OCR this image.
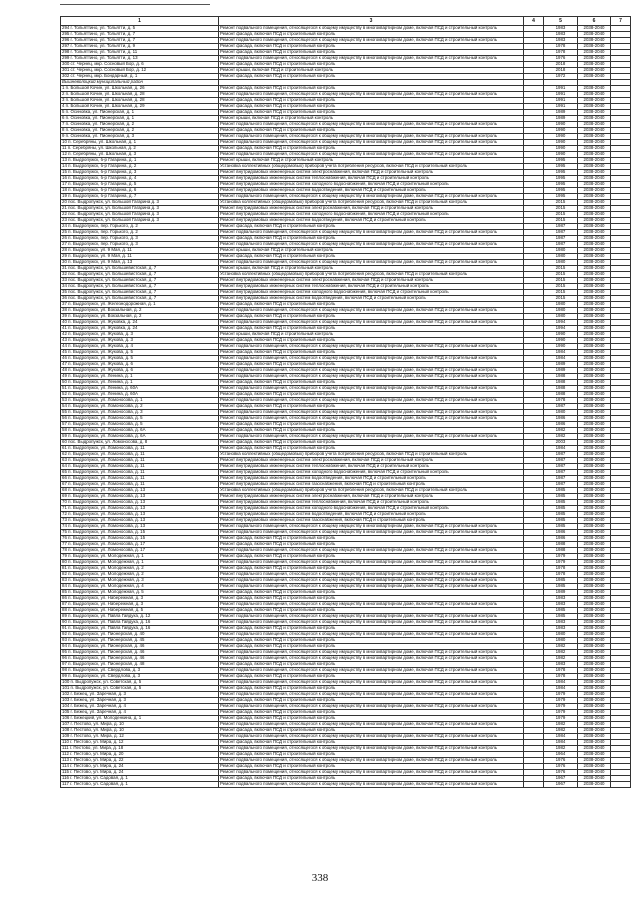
1	3	4	5	6	7
294 г. Тольяттино, ул. Тольятти, д. 5	Ремонт подвального помещения, относящегося к общему имуществу в многоквартирном доме, включая ПСД и строительный контроль		1983	2038-2040	
295 г. Тольяттино, ул. Тольятти, д. 7	Ремонт фасада, включая ПСД и строительный контроль		1983	2038-2040	
296 г. Тольяттино, ул. Тольятти, д. 7	Ремонт подвального помещения, относящегося к общему имуществу в многоквартирном доме, включая ПСД и строительный контроль		1983	2038-2040	
297 г. Тольяттино, ул. Тольятти, д. 9	Ремонт фасада, включая ПСД и строительный контроль		1978	2038-2040	
298 г. Тольяттино, ул. Тольятти, д. 11	Ремонт фасада, включая ПСД и строительный контроль		1978	2038-2040	
299 г. Тольяттино, ул. Тольятти, д. 13	Ремонт подвального помещения, относящегося к общему имуществу в многоквартирном доме, включая ПСД и строительный контроль		1976	2038-2040	
300 ст. Чернец, мкр. Сосновый Бор, д. 6	Ремонт фасада, включая ПСД и строительный контроль		2018	2038-2040	
301 ст. Чернец, мкр. Сосновый Бор, д. 12	Ремонт крыши, включая ПСД и строительный контроль		2018	2038-2040	
302 ст. Чернец, мкр. Бондарный, д. 1	Ремонт фасада, включая ПСД и строительный контроль		1972	2038-2040	
Вышневолоцкий муниципальный район					
1 п. Большой Кочин, ул. Школьная, д. 26	Ремонт фасада, включая ПСД и строительный контроль		1991	2038-2040	
2 п. Большой Кочин, ул. Школьная, д. 28	Ремонт подвального помещения, относящегося к общему имуществу в многоквартирном доме, включая ПСД и строительный контроль		1991	2038-2040	
3 п. Большой Кочин, ул. Школьная, д. 28	Ремонт фасада, включая ПСД и строительный контроль		1991	2038-2040	
4 п. Большой Кочин, ул. Школьная, д. 29	Ремонт фасада, включая ПСД и строительный контроль		1991	2038-2040	
5 п. Осиновка, ул. Пионерская, д. 1	Ремонт фасада, включая ПСД и строительный контроль		1989	2038-2040	
6 п. Осиновка, ул. Пионерская, д. 1	Ремонт крыши, включая ПСД и строительный контроль		1989	2038-2040	
7 п. Осиновка, ул. Пионерская, д. 2	Ремонт подвального помещения, относящегося к общему имуществу в многоквартирном доме, включая ПСД и строительный контроль		1990	2038-2040	
8 п. Осиновка, ул. Пионерская, д. 2	Ремонт фасада, включая ПСД и строительный контроль		1990	2038-2040	
9 п. Осиновка, ул. Пионерская, д. 3	Ремонт подвального помещения, относящегося к общему имуществу в многоквартирном доме, включая ПСД и строительный контроль		1990	2038-2040	
10 п. Серебряны, ул. Школьная, д. 1	Ремонт подвального помещения, относящегося к общему имуществу в многоквартирном доме, включая ПСД и строительный контроль		1990	2038-2040	
11 п. Серебряны, ул. Школьная, д. 2	Ремонт фасада, включая ПСД и строительный контроль		1990	2038-2040	
12 п. Серебряны, ул. Школьная, д. 3	Ремонт подвального помещения, относящегося к общему имуществу в многоквартирном доме, включая ПСД и строительный контроль		1990	2038-2040	
13 п. Выдропужск, б-р Гагарина, д. 1	Ремонт крыши, включая ПСД и строительный контроль		1995	2038-2040	
14 п. Выдропужск, б-р Гагарина, д. 2	Установка коллективных (общедомовых) приборов учета потребления ресурсов, включая ПСД и строительный контроль		1995	2038-2040	
15 п. Выдропужск, б-р Гагарина, д. 3	Ремонт внутридомовых инженерных систем электроснабжения, включая ПСД и строительный контроль		1995	2038-2040	
16 п. Выдропужск, б-р Гагарина, д. 4	Ремонт внутридомовых инженерных систем теплоснабжения, включая ПСД и строительный контроль		1995	2038-2040	
17 п. Выдропужск, б-р Гагарина, д. 5	Ремонт внутридомовых инженерных систем холодного водоснабжения, включая ПСД и строительный контроль		1995	2038-2040	
18 п. Выдропужск, б-р Гагарина, д. 6	Ремонт внутридомовых инженерных систем водоотведения, включая ПСД и строительный контроль		1995	2038-2040	
19 п. Выдропужск, б-р Гагарина, д. 7	Ремонт подвального помещения, относящегося к общему имуществу в многоквартирном доме, включая ПСД и строительный контроль		1995	2038-2040	
20 пос. Выдропужск, ул. Большой Гагарина д. 3	Установка коллективных (общедомовых) приборов учета потребления ресурсов, включая ПСД и строительный контроль		2015	2038-2040	
21 пос. Выдропужск, ул. Большой Гагарина д. 3	Ремонт внутридомовых инженерных систем электроснабжения, включая ПСД и строительный контроль		2015	2038-2040	
22 пос. Выдропужск, ул. Большой Гагарина д. 3	Ремонт внутридомовых инженерных систем холодного водоснабжения, включая ПСД и строительный контроль		2015	2038-2040	
23 пос. Выдропужск, ул. Большой Гагарина д. 3	Ремонт внутридомовых инженерных систем водоотведения, включая ПСД и строительный контроль		2015	2038-2040	
24 п. Выдропужск, пер. Горького, д. 2	Ремонт фасада, включая ПСД и строительный контроль		1987	2038-2040	
25 п. Выдропужск, пер. Горького, д. 2	Ремонт подвального помещения, относящегося к общему имуществу в многоквартирном доме, включая ПСД и строительный контроль		1987	2038-2040	
26 п. Выдропужск, пер. Горького, д. 3	Ремонт фасада, включая ПСД и строительный контроль		1987	2038-2040	
27 п. Выдропужск, пер. Горького, д. 3	Ремонт подвального помещения, относящегося к общему имуществу в многоквартирном доме, включая ПСД и строительный контроль		1987	2038-2040	
28 п. Выдропужск, ул. 9 Мая, д. 11	Ремонт крыши, включая ПСД и строительный контроль		1980	2038-2040	
29 п. Выдропужск, ул. 9 Мая, д. 11	Ремонт фасада, включая ПСД и строительный контроль		1980	2038-2040	
30 п. Выдропужск, ул. 9 Мая, д. 13	Ремонт подвального помещения, относящегося к общему имуществу в многоквартирном доме, включая ПСД и строительный контроль		1980	2038-2040	
31 пос. Выдропужск, ул. Большевистская, д. 7	Ремонт крыши, включая ПСД и строительный контроль		2015	2038-2040	
32 пос. Выдропужск, ул. Большевистская, д. 7	Установка коллективных (общедомовых) приборов учета потребления ресурсов, включая ПСД и строительный контроль		2015	2038-2040	
33 пос. Выдропужск, ул. Большевистская, д. 7	Ремонт внутридомовых инженерных систем электроснабжения, включая ПСД и строительный контроль		2015	2038-2040	
34 пос. Выдропужск, ул. Большевистская, д. 7	Ремонт внутридомовых инженерных систем теплоснабжения, включая ПСД и строительный контроль		2015	2038-2040	
35 пос. Выдропужск, ул. Большевистская, д. 7	Ремонт внутридомовых инженерных систем холодного водоснабжения, включая ПСД и строительный контроль		2015	2038-2040	
36 пос. Выдропужск, ул. Большевистская, д. 7	Ремонт внутридомовых инженерных систем водоотведения, включая ПСД и строительный контроль		2015	2038-2040	
37 п. Выдропужск, ул. Железнодорожная, д. 1	Ремонт фасада, включая ПСД и строительный контроль		1980	2038-2040	
38 п. Выдропужск, ул. Вокзальная, д. 2	Ремонт подвального помещения, относящегося к общему имуществу в многоквартирном доме, включая ПСД и строительный контроль		1980	2038-2040	
39 п. Выдропужск, ул. Вокзальная, д. 2	Ремонт фасада, включая ПСД и строительный контроль		1980	2038-2040	
40 п. Выдропужск, ул. Жуковка, д. 24	Ремонт подвального помещения, относящегося к общему имуществу в многоквартирном доме, включая ПСД и строительный контроль		1994	2038-2040	
41 п. Выдропужск, ул. Жуковка, д. 24	Ремонт фасада, включая ПСД и строительный контроль		1994	2038-2040	
42 п. Выдропужск, ул. Жукова, д. 3	Ремонт крыши, включая ПСД и строительный контроль		1990	2038-2040	
43 п. Выдропужск, ул. Жукова, д. 3	Ремонт фасада, включая ПСД и строительный контроль		1990	2038-2040	
44 п. Выдропужск, ул. Жукова, д. 4	Ремонт подвального помещения, относящегося к общему имуществу в многоквартирном доме, включая ПСД и строительный контроль		1990	2038-2040	
45 п. Выдропужск, ул. Жукова, д. 5	Ремонт фасада, включая ПСД и строительный контроль		1984	2038-2040	
46 п. Выдропужск, ул. Жукова, д. 5	Ремонт подвального помещения, относящегося к общему имуществу в многоквартирном доме, включая ПСД и строительный контроль		1984	2038-2040	
47 п. Выдропужск, ул. Жукова, д. 6	Ремонт фасада, включая ПСД и строительный контроль		1989	2038-2040	
48 п. Выдропужск, ул. Жукова, д. 6	Ремонт подвального помещения, относящегося к общему имуществу в многоквартирном доме, включая ПСД и строительный контроль		1989	2038-2040	
49 п. Выдропужск, ул. Ленина, д. 1	Ремонт подвального помещения, относящегося к общему имуществу в многоквартирном доме, включая ПСД и строительный контроль		1988	2038-2040	
50 п. Выдропужск, ул. Ленина, д. 1	Ремонт фасада, включая ПСД и строительный контроль		1988	2038-2040	
51 п. Выдропужск, ул. Ленина, д. 60А	Ремонт подвального помещения, относящегося к общему имуществу в многоквартирном доме, включая ПСД и строительный контроль		1988	2038-2040	
52 п. Выдропужск, ул. Ленина, д. 60А	Ремонт фасада, включая ПСД и строительный контроль		1988	2038-2040	
53 п. Выдропужск, ул. Ломоносова, д. 1	Ремонт подвального помещения, относящегося к общему имуществу в многоквартирном доме, включая ПСД и строительный контроль		1978	2038-2040	
54 п. Выдропужск, ул. Ломоносова, д. 2	Ремонт фасада, включая ПСД и строительный контроль		1987	2038-2040	
55 п. Выдропужск, ул. Ломоносова, д. 3	Ремонт подвального помещения, относящегося к общему имуществу в многоквартирном доме, включая ПСД и строительный контроль		1980	2038-2040	
56 п. Выдропужск, ул. Ломоносова, д. 5	Ремонт подвального помещения, относящегося к общему имуществу в многоквартирном доме, включая ПСД и строительный контроль		1986	2038-2040	
57 п. Выдропужск, ул. Ломоносова, д. 5	Ремонт фасада, включая ПСД и строительный контроль		1986	2038-2040	
58 п. Выдропужск, ул. Ломоносова, д. 6А	Ремонт фасада, включая ПСД и строительный контроль		1982	2038-2040	
59 п. Выдропужск, ул. Ломоносова, д. 6А	Ремонт подвального помещения, относящегося к общему имуществу в многоквартирном доме, включая ПСД и строительный контроль		1982	2038-2040	
60 пос. Выдропужск, ул. Ломоносова, д. 8	Ремонт фасада, включая ПСД и строительный контроль		2003	2038-2040	
61 п. Выдропужск, ул. Ломоносова, д. 11	Ремонт фасада, включая ПСД и строительный контроль		1984	2038-2040	
62 п. Выдропужск, ул. Ломоносова, д. 11	Установка коллективных (общедомовых) приборов учета потребления ресурсов, включая ПСД и строительный контроль		1987	2038-2040	
63 п. Выдропужск, ул. Ломоносова, д. 11	Ремонт внутридомовых инженерных систем электроснабжения, включая ПСД и строительный контроль		1987	2038-2040	
64 п. Выдропужск, ул. Ломоносова, д. 11	Ремонт внутридомовых инженерных систем теплоснабжения, включая ПСД и строительный контроль		1987	2038-2040	
65 п. Выдропужск, ул. Ломоносова, д. 11	Ремонт внутридомовых инженерных систем холодного водоснабжения, включая ПСД и строительный контроль		1987	2038-2040	
66 п. Выдропужск, ул. Ломоносова, д. 11	Ремонт внутридомовых инженерных систем водоотведения, включая ПСД и строительный контроль		1987	2038-2040	
67 п. Выдропужск, ул. Ломоносова, д. 11	Ремонт внутридомовых инженерных систем газоснабжения, включая ПСД и строительный контроль		1987	2038-2040	
68 п. Выдропужск, ул. Ломоносова, д. 13	Установка коллективных (общедомовых) приборов учета потребления ресурсов, включая ПСД и строительный контроль		1985	2038-2040	
69 п. Выдропужск, ул. Ломоносова, д. 13	Ремонт внутридомовых инженерных систем электроснабжения, включая ПСД и строительный контроль		1985	2038-2040	
70 п. Выдропужск, ул. Ломоносова, д. 13	Ремонт внутридомовых инженерных систем теплоснабжения, включая ПСД и строительный контроль		1985	2038-2040	
71 п. Выдропужск, ул. Ломоносова, д. 13	Ремонт внутридомовых инженерных систем холодного водоснабжения, включая ПСД и строительный контроль		1985	2038-2040	
72 п. Выдропужск, ул. Ломоносова, д. 13	Ремонт внутридомовых инженерных систем водоотведения, включая ПСД и строительный контроль		1985	2038-2040	
73 п. Выдропужск, ул. Ломоносова, д. 13	Ремонт внутридомовых инженерных систем газоснабжения, включая ПСД и строительный контроль		1985	2038-2040	
74 п. Выдропужск, ул. Ломоносова, д. 13	Ремонт подвального помещения, относящегося к общему имуществу в многоквартирном доме, включая ПСД и строительный контроль		1985	2038-2040	
75 п. Выдропужск, ул. Ломоносова, д. 15	Ремонт подвального помещения, относящегося к общему имуществу в многоквартирном доме, включая ПСД и строительный контроль		1986	2038-2040	
76 п. Выдропужск, ул. Ломоносова, д. 15	Ремонт фасада, включая ПСД и строительный контроль		1986	2038-2040	
77 п. Выдропужск, ул. Ломоносова, д. 17	Ремонт фасада, включая ПСД и строительный контроль		1988	2038-2040	
78 п. Выдропужск, ул. Ломоносова, д. 17	Ремонт подвального помещения, относящегося к общему имуществу в многоквартирном доме, включая ПСД и строительный контроль		1988	2038-2040	
79 п. Выдропужск, ул. Молодежная, д. 1	Ремонт фасада, включая ПСД и строительный контроль		1979	2038-2040	
80 п. Выдропужск, ул. Молодежная, д. 1	Ремонт подвального помещения, относящегося к общему имуществу в многоквартирном доме, включая ПСД и строительный контроль		1979	2038-2040	
81 п. Выдропужск, ул. Молодежная, д. 2	Ремонт фасада, включая ПСД и строительный контроль		1978	2038-2040	
82 п. Выдропужск, ул. Молодежная, д. 2	Ремонт подвального помещения, относящегося к общему имуществу в многоквартирном доме, включая ПСД и строительный контроль		1978	2038-2040	
83 п. Выдропужск, ул. Молодежная, д. 3	Ремонт подвального помещения, относящегося к общему имуществу в многоквартирном доме, включая ПСД и строительный контроль		1985	2038-2040	
84 п. Выдропужск, ул. Молодежная, д. 4	Ремонт подвального помещения, относящегося к общему имуществу в многоквартирном доме, включая ПСД и строительный контроль		1985	2038-2040	
85 п. Выдропужск, ул. Молодежная, д. 5	Ремонт фасада, включая ПСД и строительный контроль		1989	2038-2040	
86 п. Выдропужск, ул. Набережная, д. 3	Ремонт фасада, включая ПСД и строительный контроль		1983	2038-2040	
87 п. Выдропужск, ул. Набережная, д. 3	Ремонт подвального помещения, относящегося к общему имуществу в многоквартирном доме, включая ПСД и строительный контроль		1983	2038-2040	
88 п. Выдропужск, ул. Набережная, д. 5	Ремонт фасада, включая ПСД и строительный контроль		1985	2038-2040	
89 п. Выдропужск, ул. Павла Гайдука, д. 12	Ремонт подвального помещения, относящегося к общему имуществу в многоквартирном доме, включая ПСД и строительный контроль		1985	2038-2040	
90 п. Выдропужск, ул. Павла Гайдука, д. 16	Ремонт подвального помещения, относящегося к общему имуществу в многоквартирном доме, включая ПСД и строительный контроль		1983	2038-2040	
91 п. Выдропужск, ул. Павла Гайдука, д. 16	Ремонт фасада, включая ПСД и строительный контроль		1983	2038-2040	
92 п. Выдропужск, ул. Пионерская, д. 40	Ремонт подвального помещения, относящегося к общему имуществу в многоквартирном доме, включая ПСД и строительный контроль		1980	2038-2040	
93 п. Выдропужск, ул. Пионерская, д. 45	Ремонт фасада, включая ПСД и строительный контроль		1980	2038-2040	
94 п. Выдропужск, ул. Пионерская, д. 46	Ремонт фасада, включая ПСД и строительный контроль		1982	2038-2040	
95 п. Выдропужск, ул. Пионерская, д. 46	Ремонт подвального помещения, относящегося к общему имуществу в многоквартирном доме, включая ПСД и строительный контроль		1982	2038-2040	
96 п. Выдропужск, ул. Пионерская, д. 46	Ремонт подвального помещения, относящегося к общему имуществу в многоквартирном доме, включая ПСД и строительный контроль		1982	2038-2040	
97 п. Выдропужск, ул. Пионерская, д. 48	Ремонт фасада, включая ПСД и строительный контроль		1983	2038-2040	
98 п. Выдропужск, ул. Свердлова, д. 3	Ремонт подвального помещения, относящегося к общему имуществу в многоквартирном доме, включая ПСД и строительный контроль		1978	2038-2040	
99 п. Выдропужск, ул. Свердлова, д. 3	Ремонт фасада, включая ПСД и строительный контроль		1978	2038-2040	
100 п. Выдропужск, ул. Советская, д. 5	Ремонт подвального помещения, относящегося к общему имуществу в многоквартирном доме, включая ПСД и строительный контроль		1984	2038-2040	
101 п. Выдропужск, ул. Советская, д. 5	Ремонт фасада, включая ПСД и строительный контроль		1984	2038-2040	
102 г. Бежец, ул. Заречная, д. 3	Ремонт подвального помещения, относящегося к общему имуществу в многоквартирном доме, включая ПСД и строительный контроль		1979	2038-2040	
103 г. Бежец, ул. Заречная, д. 3	Ремонт фасада, включая ПСД и строительный контроль		1979	2038-2040	
104 г. Бежец, ул. Заречная, д. 4	Ремонт подвального помещения, относящегося к общему имуществу в многоквартирном доме, включая ПСД и строительный контроль		1979	2038-2040	
105 г. Бежец, ул. Заречная, д. 4	Ремонт фасада, включая ПСД и строительный контроль		1979	2038-2040	
106 г. Бежецкий, ул. Молоденкина, д. 1	Ремонт фасада, включая ПСД и строительный контроль		1979	2038-2040	
107 г. Пестово, ул. Мира, д. 10	Ремонт подвального помещения, относящегося к общему имуществу в многоквартирном доме, включая ПСД и строительный контроль		1982	2038-2040	
108 г. Пестово, ул. Мира, д. 10	Ремонт фасада, включая ПСД и строительный контроль		1982	2038-2040	
109 г. Пестово, ул. Мира, д. 12	Ремонт подвального помещения, относящегося к общему имуществу в многоквартирном доме, включая ПСД и строительный контроль		1984	2038-2040	
110 г. Пестово, ул. Мира, д. 12	Ремонт фасада, включая ПСД и строительный контроль		1984	2038-2040	
111 г. Пестово, ул. Мира, д. 18	Ремонт подвального помещения, относящегося к общему имуществу в многоквартирном доме, включая ПСД и строительный контроль		1982	2038-2040	
112 г. Пестово, ул. Мира, д. 20	Ремонт фасада, включая ПСД и строительный контроль		1964	2038-2040	
113 г. Пестово, ул. Мира, д. 22	Ремонт подвального помещения, относящегося к общему имуществу в многоквартирном доме, включая ПСД и строительный контроль		1976	2038-2040	
114 г. Пестово, ул. Мира, д. 24	Ремонт фасада, включая ПСД и строительный контроль		1976	2038-2040	
115 г. Пестово, ул. Мира, д. 24	Ремонт подвального помещения, относящегося к общему имуществу в многоквартирном доме, включая ПСД и строительный контроль		1976	2038-2040	
116 г. Пестово, ул. Садовая, д. 1	Ремонт фасада, включая ПСД и строительный контроль		1967	2038-2040	
117 г. Пестово, ул. Садовая, д. 1	Ремонт подвального помещения, относящегося к общему имуществу в многоквартирном доме, включая ПСД и строительный контроль		1967	2038-2040	
338
